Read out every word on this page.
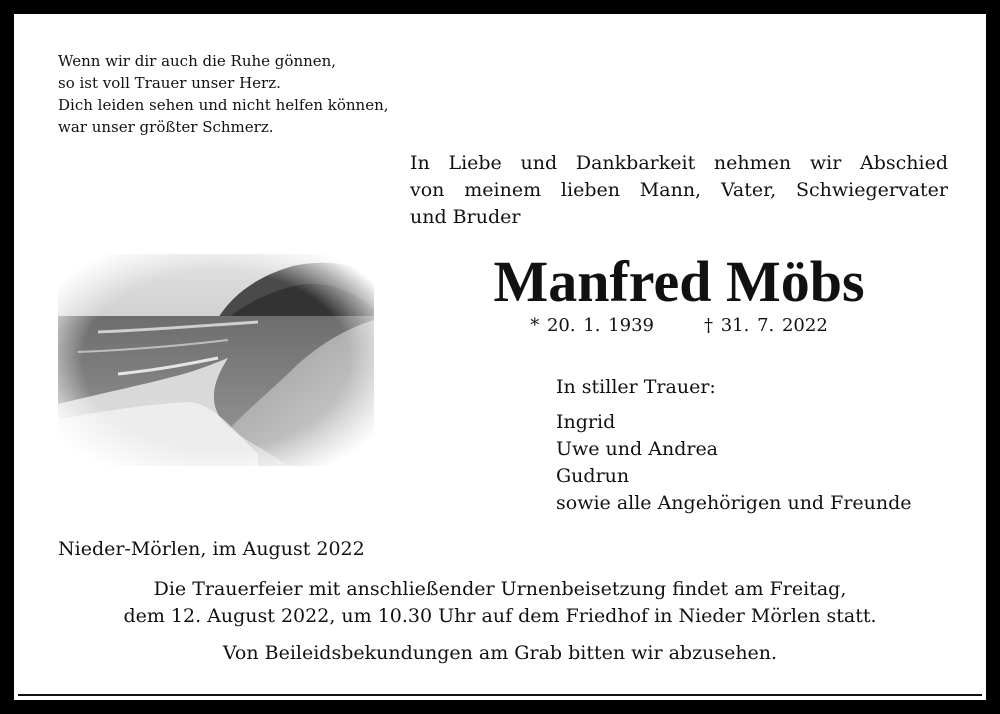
Wenn wir dir auch die Ruhe gönnen,
so ist voll Trauer unser Herz.
Dich leiden sehen und nicht helfen können,
war unser größter Schmerz.
In Liebe und Dankbarkeit nehmen wir Abschied
von meinem lieben Mann, Vater, Schwiegervater
und Bruder
Manfred Möbs
* 20. 1. 1939	† 31. 7. 2022
In stiller Trauer:
Ingrid
Uwe und Andrea
Gudrun
sowie alle Angehörigen und Freunde
Nieder-Mörlen, im August 2022
Die Trauerfeier mit anschließender Urnenbeisetzung findet am Freitag,
dem 12. August 2022, um 10.30 Uhr auf dem Friedhof in Nieder Mörlen statt.
Von Beileidsbekundungen am Grab bitten wir abzusehen.
